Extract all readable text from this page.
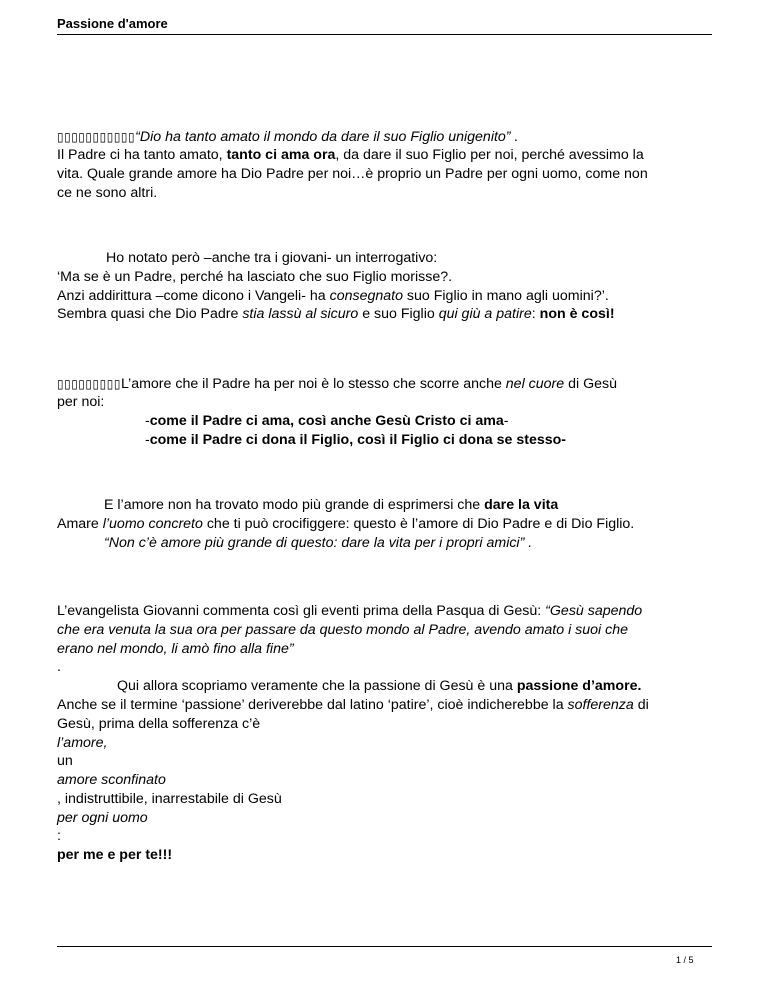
Passione d'amore
▯▯▯▯▯▯▯▯▯▯▯“Dio ha tanto amato il mondo da dare il suo Figlio unigenito” .
Il Padre ci ha tanto amato, tanto ci ama ora, da dare il suo Figlio per noi, perché avessimo la
vita. Quale grande amore ha Dio Padre per noi…è proprio un Padre per ogni uomo, come non
ce ne sono altri.
Ho notato però –anche tra i giovani- un interrogativo:
‘Ma se è un Padre, perché ha lasciato che suo Figlio morisse?.
Anzi addirittura –come dicono i Vangeli- ha consegnato suo Figlio in mano agli uomini?’.
Sembra quasi che Dio Padre stia lassù al sicuro e suo Figlio qui giù a patire: non è così!
▯▯▯▯▯▯▯▯▯L’amore che il Padre ha per noi è lo stesso che scorre anche nel cuore di Gesù
per noi:
-come il Padre ci ama, così anche Gesù Cristo ci ama-
-come il Padre ci dona il Figlio, così il Figlio ci dona se stesso-
E l’amore non ha trovato modo più grande di esprimersi che dare la vita
Amare l’uomo concreto che ti può crocifiggere: questo è l’amore di Dio Padre e di Dio Figlio.
“Non c’è amore più grande di questo: dare la vita per i propri amici” .
L’evangelista Giovanni commenta così gli eventi prima della Pasqua di Gesù: “Gesù sapendo
che era venuta la sua ora per passare da questo mondo al Padre, avendo amato i suoi che
erano nel mondo, li amò fino alla fine”
.
Qui allora scopriamo veramente che la passione di Gesù è una passione d’amore.
Anche se il termine ‘passione’ deriverebbe dal latino ‘patire’, cioè indicherebbe la sofferenza di
Gesù, prima della sofferenza c’è
l’amore,
un
amore sconfinato
, indistruttibile, inarrestabile di Gesù
per ogni uomo
:
per me e per te!!!
1 / 5
